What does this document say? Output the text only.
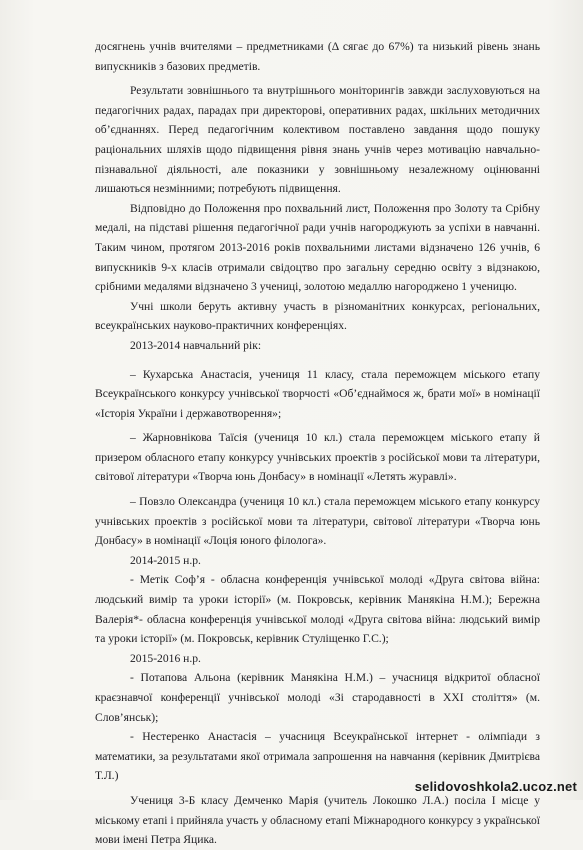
досягнень учнів вчителями – предметниками (Δ сягає до 67%) та низький рівень знань випускників з базових предметів.

Результати зовнішнього та внутрішнього моніторингів завжди заслуховуються на педагогічних радах, парадах при директорові, оперативних радах, шкільних методичних об’єднаннях. Перед педагогічним колективом поставлено завдання щодо пошуку раціональних шляхів щодо підвищення рівня знань учнів через мотивацію навчально-пізнавальної діяльності, але показники у зовнішньому незалежному оцінюванні лишаються незмінними; потребують підвищення.

Відповідно до Положення про похвальний лист, Положення про Золоту та Срібну медалі, на підставі рішення педагогічної ради учнів нагороджують за успіхи в навчанні. Таким чином, протягом 2013-2016 років похвальними листами відзначено 126 учнів, 6 випускників 9-х класів отримали свідоцтво про загальну середню освіту з відзнакою, срібними медалями відзначено 3 учениці, золотою медаллю нагороджено 1 ученицю.

Учні школи беруть активну участь в різноманітних конкурсах, регіональних, всеукраїнських науково-практичних конференціях.

2013-2014 навчальний рік:

– Кухарська Анастасія, учениця 11 класу, стала переможцем міського етапу Всеукраїнського конкурсу учнівської творчості «Об’єднаймося ж, брати мої» в номінації «Історія України і державотворення»;

– Жарновнікова Таїсія (учениця 10 кл.) стала переможцем міського етапу й призером обласного етапу конкурсу учнівських проектів з російської мови та літератури, світової літератури «Творча юнь Донбасу» в номінації «Летять журавлі».

– Повзло Олександра (учениця 10 кл.) стала переможцем міського етапу конкурсу учнівських проектів з російської мови та літератури, світової літератури «Творча юнь Донбасу» в номінації «Лоція юного філолога».

2014-2015 н.р.

- Метік Соф’я - обласна конференція учнівської молоді «Друга світова війна: людський вимір та уроки історії» (м. Покровськ, керівник Манякіна Н.М.); Бережна Валерія*- обласна конференція учнівської молоді «Друга світова війна: людський вимір та уроки історії» (м. Покровськ, керівник Стуліщенко Г.С.);

2015-2016 н.р.

- Потапова Альона (керівник Манякіна Н.М.) – учасниця відкритої обласної краєзнавчої конференції учнівської молоді «Зі стародавності в ХХІ століття» (м. Слов’янськ);

- Нестеренко Анастасія – учасниця Всеукраїнської інтернет - олімпіади з математики, за результатами якої отримала запрошення на навчання (керівник Дмитрієва Т.Л.)

Учениця 3-Б класу Демченко Марія (учитель Локошко Л.А.) посіла І місце у міському етапі і прийняла участь у обласному етапі Міжнародного конкурсу з української мови імені Петра Яцика.

selidovoshkola2.ucoz.net
